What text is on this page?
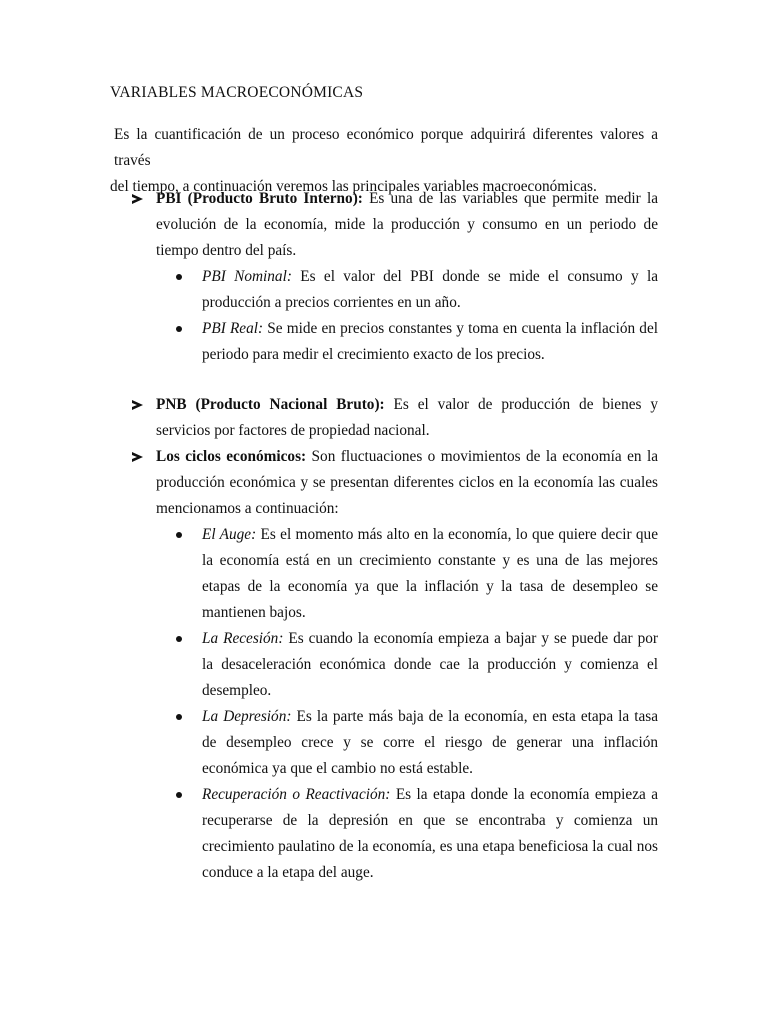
VARIABLES MACROECONÓMICAS
Es la cuantificación de un proceso económico porque adquirirá diferentes valores a través
del tiempo, a continuación veremos las principales variables macroeconómicas.
PBI (Producto Bruto Interno): Es una de las variables que permite medir la evolución de la economía, mide la producción y consumo en un periodo de tiempo dentro del país.
PBI Nominal: Es el valor del PBI donde se mide el consumo y la producción a precios corrientes en un año.
PBI Real: Se mide en precios constantes y toma en cuenta la inflación del periodo para medir el crecimiento exacto de los precios.
PNB (Producto Nacional Bruto): Es el valor de producción de bienes y servicios por factores de propiedad nacional.
Los ciclos económicos: Son fluctuaciones o movimientos de la economía en la producción económica y se presentan diferentes ciclos en la economía las cuales mencionamos a continuación:
El Auge: Es el momento más alto en la economía, lo que quiere decir que la economía está en un crecimiento constante y es una de las mejores etapas de la economía ya que la inflación y la tasa de desempleo se mantienen bajos.
La Recesión: Es cuando la economía empieza a bajar y se puede dar por la desaceleración económica donde cae la producción y comienza el desempleo.
La Depresión: Es la parte más baja de la economía, en esta etapa la tasa de desempleo crece y se corre el riesgo de generar una inflación económica ya que el cambio no está estable.
Recuperación o Reactivación: Es la etapa donde la economía empieza a recuperarse de la depresión en que se encontraba y comienza un crecimiento paulatino de la economía, es una etapa beneficiosa la cual nos conduce a la etapa del auge.
